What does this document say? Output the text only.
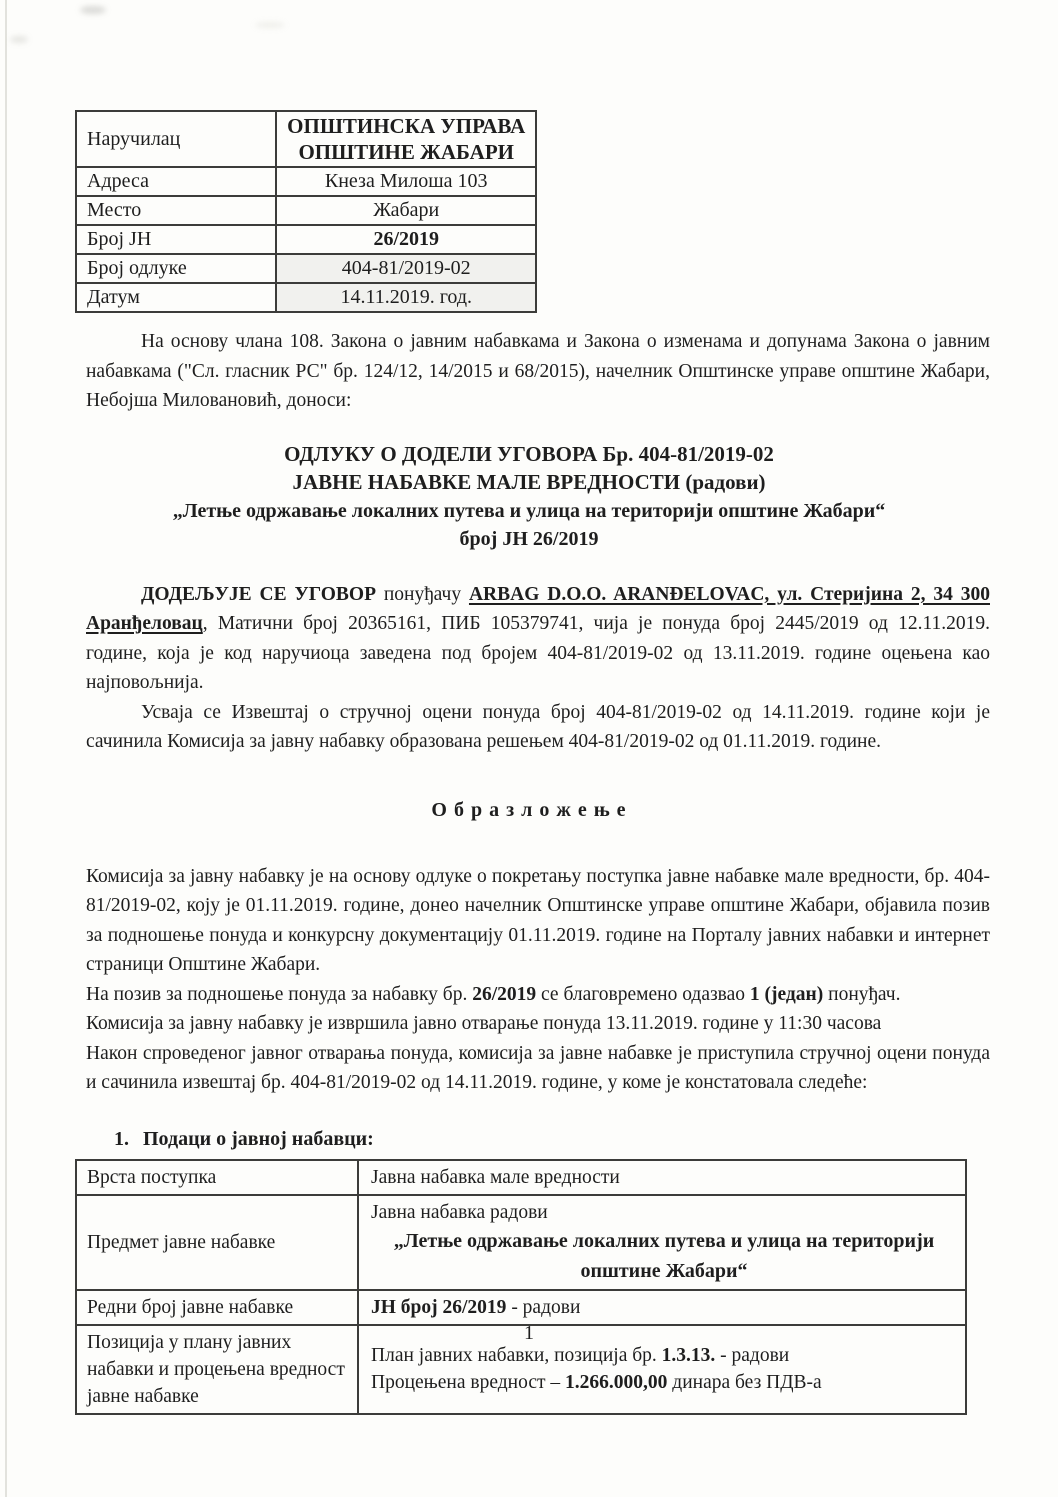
Наручилац	ОПШТИНСКА УПРАВА
ОПШТИНЕ ЖАБАРИ

Адреса	Кнеза Милоша 103
Место	Жабари
Број ЈН	26/2019
Број одлуке	404-81/2019-02
Датум	14.11.2019. год.

На основу члана 108. Закона о јавним набавкама и Закона о изменама и допунама Закона о јавним набавкама ("Сл. гласник РС" бр. 124/12, 14/2015 и 68/2015), начелник Општинске управе општине Жабари, Небојша Миловановић, доноси:

ОДЛУКУ О ДОДЕЛИ УГОВОРА Бр. 404-81/2019-02
ЈАВНЕ НАБАВКЕ МАЛЕ ВРЕДНОСТИ (радови)
„Летње одржавање локалних путева и улица на територији општине Жабари“
број ЈН 26/2019

ДОДЕЉУЈЕ СЕ УГОВОР понуђачу ARBAG D.O.O. ARANĐELOVAC, ул. Стеријина 2, 34 300 Аранђеловац, Матични број 20365161, ПИБ 105379741, чија је понуда број 2445/2019 од 12.11.2019. године, која је код наручиоца заведена под бројем 404-81/2019-02 од 13.11.2019. године оцењена као најповољнија.

Усваја се Извештај о стручној оцени понуда број 404-81/2019-02 од 14.11.2019. године који је сачинила Комисија за јавну набавку образована решењем 404-81/2019-02 од 01.11.2019. године.

О б р а з л о ж е њ е

Комисија за јавну набавку је на основу одлуке о покретању поступка јавне набавке мале вредности, бр. 404-81/2019-02, коју је 01.11.2019. године, донео начелник Општинске управе општине Жабари, објавила позив за подношење понуда и конкурсну документацију 01.11.2019. године на Порталу јавних набавки и интернет страници Општине Жабари.

На позив за подношење понуда за набавку бр. 26/2019 се благовремено одазвао 1 (један) понуђач.

Комисија за јавну набавку је извршила јавно отварање понуда 13.11.2019. године у 11:30 часова

Након спроведеног јавног отварања понуда, комисија за јавне набавке је приступила стручној оцени понуда и сачинила извештај бр. 404-81/2019-02 од 14.11.2019. године, у коме је констатовала следеће:

1. Подаци о јавној набавци:
Врста поступка	Јавна набавка мале вредности
Предмет јавне набавке	Јавна набавка радови
„Летње одржавање локалних путева и улица на територији
општине Жабари“

Редни број јавне набавке	ЈН број 26/2019 - радови
Позиција у плану јавних набавки и процењена вредност јавне набавке	План јавних набавки, позиција бр. 1.3.13. - радови
Процењена вредност – 1.266.000,00 динара без ПДВ-а
1
